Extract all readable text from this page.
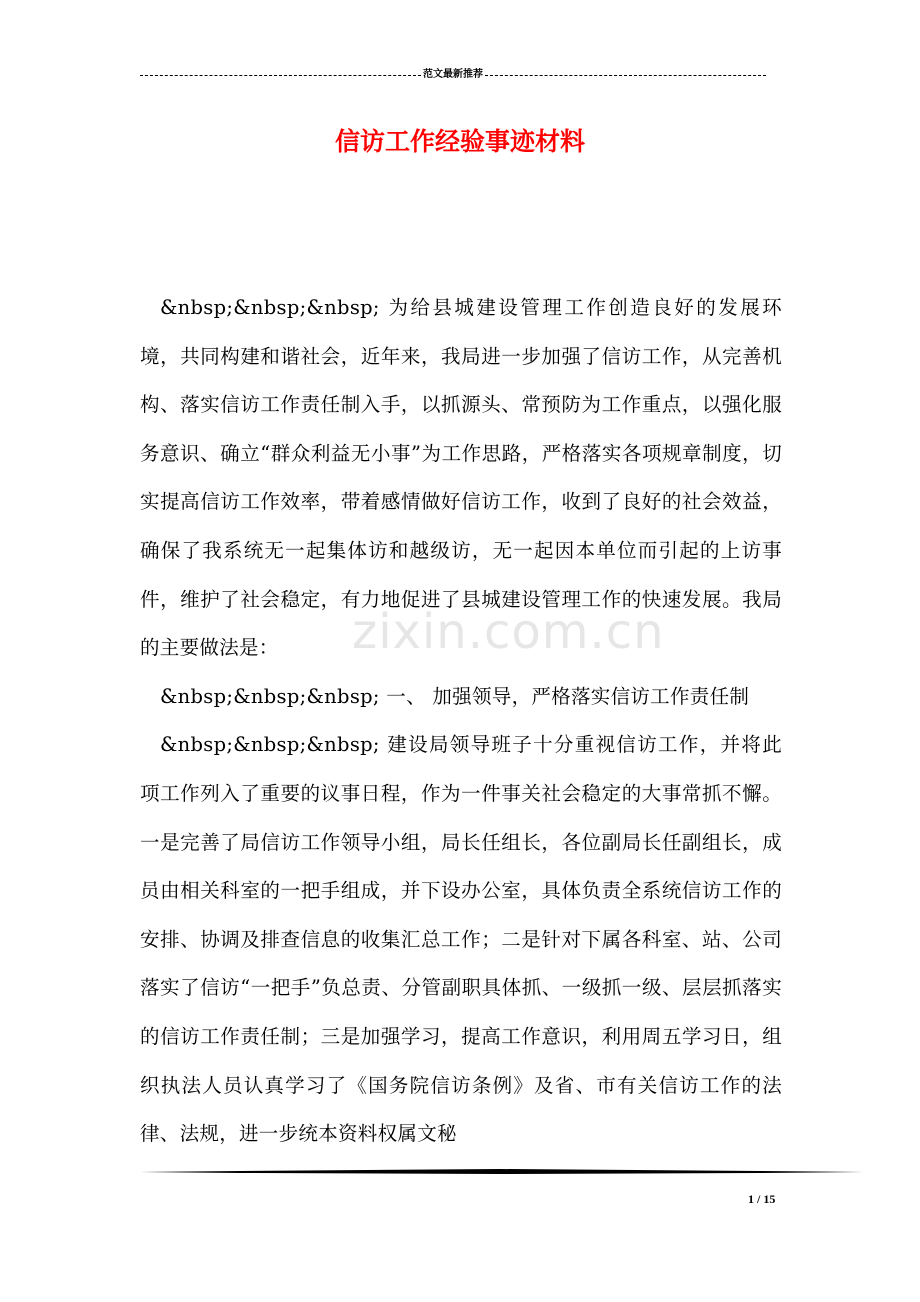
范文最新推荐
信访工作经验事迹材料

&nbsp;&nbsp;&nbsp; 为给县城建设管理工作创造良好的发展环境，共同构建和谐社会，近年来，我局进一步加强了信访工作，从完善机构、落实信访工作责任制入手，以抓源头、常预防为工作重点，以强化服务意识、确立“群众利益无小事”为工作思路，严格落实各项规章制度，切实提高信访工作效率，带着感情做好信访工作，收到了良好的社会效益，确保了我系统无一起集体访和越级访，无一起因本单位而引起的上访事件，维护了社会稳定，有力地促进了县城建设管理工作的快速发展。我局的主要做法是：

&nbsp;&nbsp;&nbsp; 一、 加强领导，严格落实信访工作责任制

&nbsp;&nbsp;&nbsp; 建设局领导班子十分重视信访工作，并将此项工作列入了重要的议事日程，作为一件事关社会稳定的大事常抓不懈。一是完善了局信访工作领导小组，局长任组长，各位副局长任副组长，成员由相关科室的一把手组成，并下设办公室，具体负责全系统信访工作的安排、协调及排查信息的收集汇总工作；二是针对下属各科室、站、公司落实了信访“一把手”负总责、分管副职具体抓、一级抓一级、层层抓落实的信访工作责任制；三是加强学习，提高工作意识，利用周五学习日，组织执法人员认真学习了《国务院信访条例》及省、市有关信访工作的法律、法规，进一步统本资料权属文秘

zixin.com.cn
1 / 15
